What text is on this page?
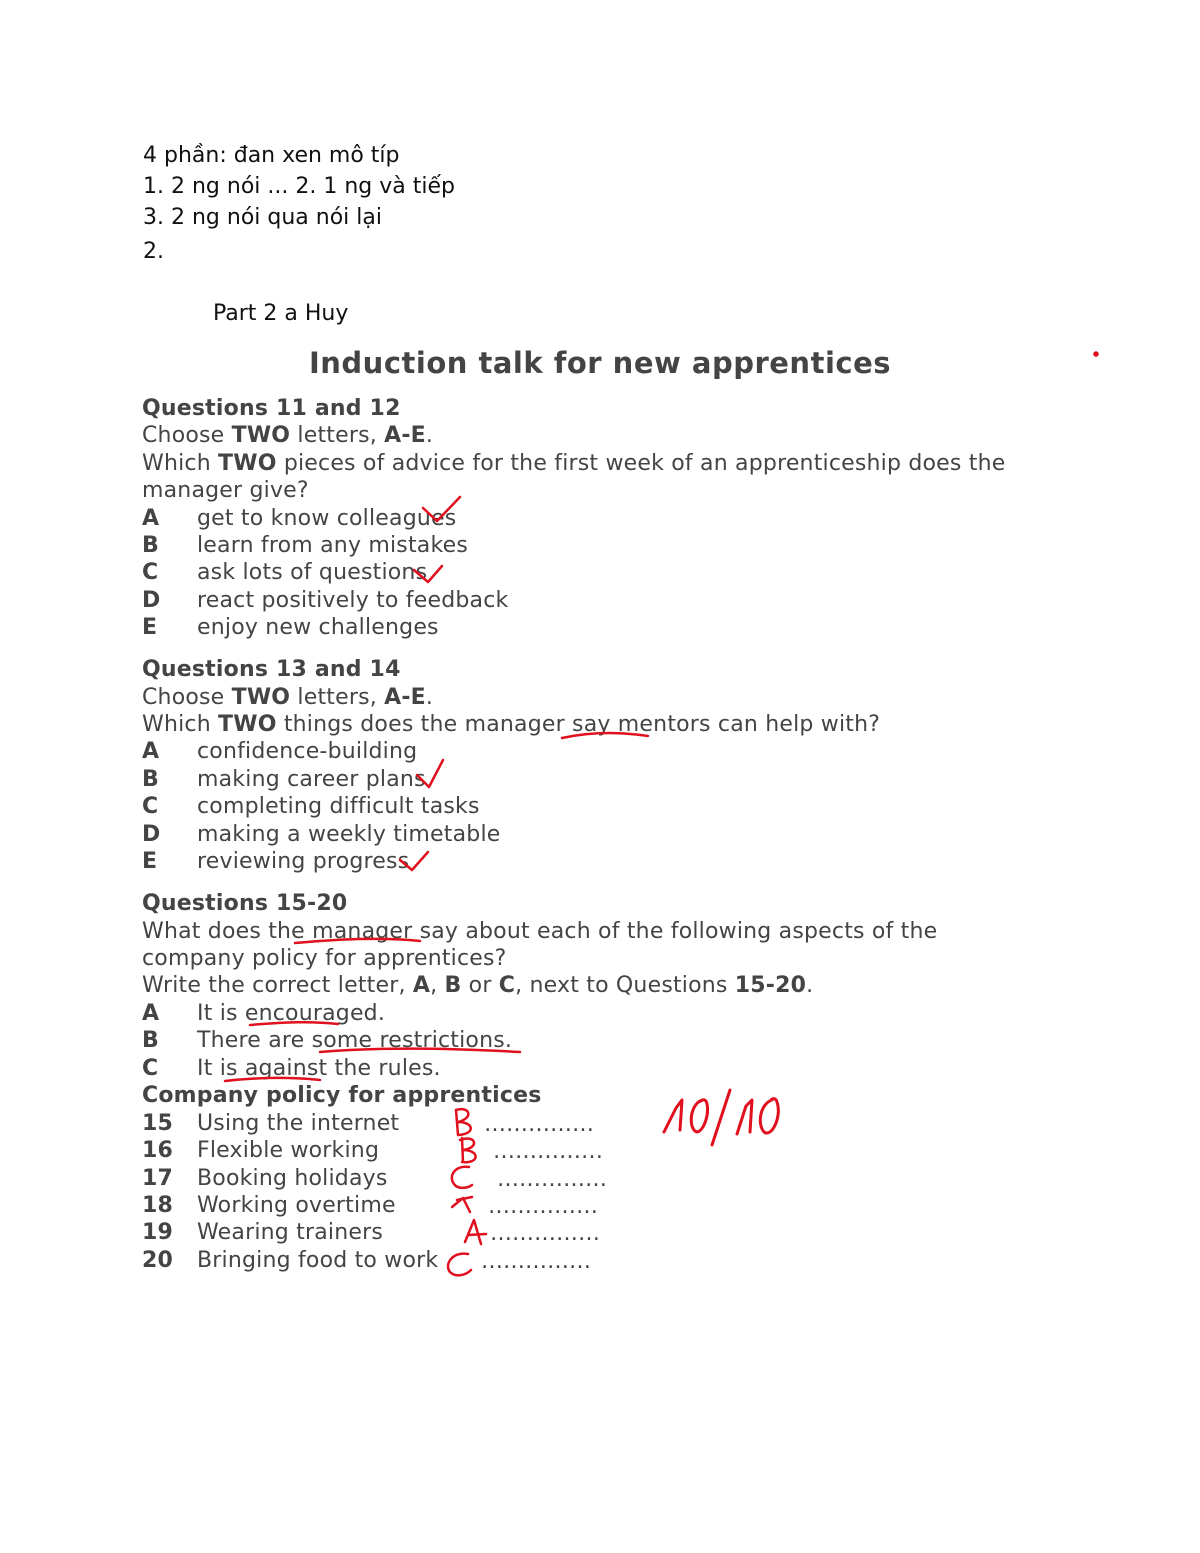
4 phần: đan xen mô típ
1. 2 ng nói ... 2. 1 ng và tiếp
3. 2 ng nói qua nói lại
2.
Part 2 a Huy
Induction talk for new apprentices
Questions 11 and 12
Choose TWO letters, A-E.
Which TWO pieces of advice for the first week of an apprenticeship does the
manager give?
A get to know colleagues
B learn from any mistakes
C ask lots of questions
D react positively to feedback
E enjoy new challenges
Questions 13 and 14
Choose TWO letters, A-E.
Which TWO things does the manager say mentors can help with?
A confidence-building
B making career plans
C completing difficult tasks
D making a weekly timetable
E reviewing progress
Questions 15-20
What does the manager say about each of the following aspects of the
company policy for apprentices?
Write the correct letter, A, B or C, next to Questions 15-20.
A It is encouraged.
B There are some restrictions.
C It is against the rules.
Company policy for apprentices
15 Using the internet
16 Flexible working
17 Booking holidays
18 Working overtime
19 Wearing trainers
20 Bringing food to work
……………
……………
……………
……………
……………
……………
